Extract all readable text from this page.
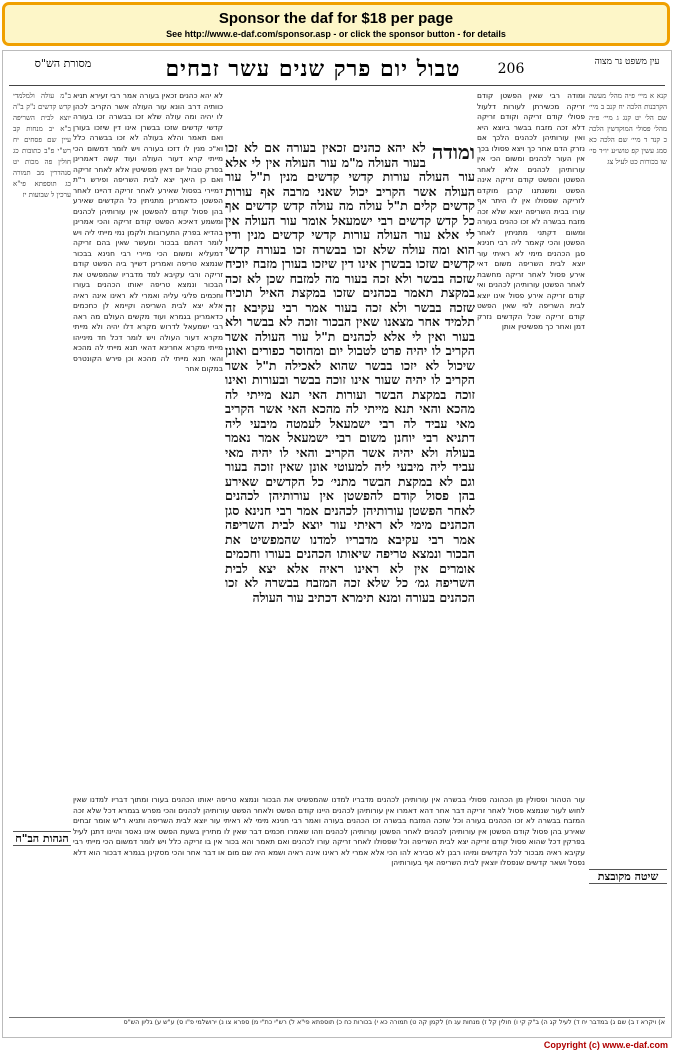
Sponsor the daf for $18 per page
See http://www.e-daf.com/sponsor.asp - or click the sponsor button - for details
מסורת הש"ס	טבול יום פרק שנים עשר זבחים	206	עין משפט נר מצוה

ב"מ עולה ולמלמדי קדש קדשים נ"ק ב"ה יוצא לבית השריפה ב"א יב מנחות קב עיין שם פסחים יח רש"י פ"ב כתובות כג חולין פה מכות יט סנהדרין מב תמורה כג תוספתא פי"א ערכין ל שבועות יז

לא יהא כהנים זכאין בעורה אמר רבי זעירא תניא כוותיה דרב הונא עור העולה אשר הקריב לכהן לו יהיה ומה עולה שלא זכו בבשרה זכו בעורה קדשי קדשים שזכו בבשרן אינו דין שיזכו בעורן ואם תאמר והלא בעולה לא זכו בבשרה כלל וא"כ מנין לו דזכו בעורה ויש לומר דמשום הכי מייתי קרא דעור העולה ועוד קשה דאמרינן בפרק טבול יום דאין מפשיטין אלא לאחר זריקה ואם כן היאך יצא לבית השריפה ופירש ר"ת דמיירי בפסול שאירע לאחר זריקה דהיינו לאחר הפשטן כדאמרינן מתניתין כל הקדשים שאירע בהן פסול קודם להפשטן אין עורותיהן לכהנים ומשמע דאיכא הפשט קודם זריקה והכי אמרינן בהדיא בפרק התערובות ולקמן נמי מייתי ליה ויש לומר דהתם בבכור ומעשר שאין בהם זריקה דמעליא ומשום הכי מיירי רבי חנינא בבכור שנמצא טריפה ואמרינן דשייך ביה הפשט קודם זריקה ורבי עקיבא למד מדבריו שהמפשיט את הבכור ונמצא טריפה יאותו הכהנים בעורו וחכמים פליגי עליה ואמרי לא ראינו אינה ראיה אלא יצא לבית השריפה וקיימא לן כחכמים כדאמרינן בגמרא ועוד מקשים העולם מה ראה רבי ישמעאל לדרוש מקרא דלו יהיה ולא מייתי מקרא דעור העולה ויש לומר דכל חד מינייהו מייתי מקרא אחרינא דהאי תנא מייתי לה מהכא והאי תנא מייתי לה מהכא וכן פירש הקונטרס במקום אחר

ומודה

לא יהא כהנים זכאין בעורה אם לא זכו בעור העולה מ"מ עור העולה אין לי אלא עור העולה עורות קדשי קדשים מנין ת"ל עור העולה אשר הקריב יכול שאני מרבה אף עורות קדשים קלים ת"ל עולה מה עולה קדש קדשים אף כל קדש קדשים רבי ישמעאל אומר עור העולה אין לי אלא עור העולה עורות קדשי קדשים מנין ודין הוא ומה עולה שלא זכו בבשרה זכו בעורה קדשי קדשים שזכו בבשרן אינו דין שיזכו בעורן מזבח יוכיח שזכה בבשר ולא זכה בעור מה למזבח שכן לא זכה במקצת תאמר בכהנים שזכו במקצת האיל תוכיח שזכה בבשר ולא זכה בעור אמר רבי עקיבא זה תלמיד אחר מצאנו שאין הבכור זוכה לא בבשר ולא בעור ואין לי אלא לכהנים ת"ל עור העולה אשר הקריב לו יהיה פרט לטבול יום ומחוסר כפורים ואונן שיכול לא יזכו בבשר שהוא לאכילה ת"ל אשר הקריב לו יהיה שעור אינו זוכה בבשר ובעורות ואינו זוכה במקצת הבשר ועורות האי תנא מייתי לה מהכא והאי תנא מייתי לה מהכא האי אשר הקריב מאי עביד לה רבי ישמעאל לעמטה מיבעי ליה דתניא רבי יוחנן משום רבי ישמעאל אמר נאמר בעולה ולא יהיה אשר הקריב והאי לו יהיה מאי עביד ליה מיבעי ליה למעוטי אונן שאין זוכה בעור וגם לא במקצת הבשר מתני׳ כל הקדשים שאירע בהן פסול קודם להפשטן אין עורותיהן לכהנים לאחר הפשטן עורותיהן לכהנים אמר רבי חנינא סגן הכהנים מימי לא ראיתי עור יוצא לבית השריפה אמר רבי עקיבא מדבריו למדנו שהמפשיט את הבכור ונמצא טריפה שיאותו הכהנים בעורו וחכמים אומרים אין לא ראינו ראיה אלא יצא לבית השריפה גמ׳ כל שלא זכה המזבח בבשרה לא זכו הכהנים בעורה ומנא תימרא דכתיב עור העולה

ומודה רבי שאין הפשטן קודם זריקה מכשירתן לעורות דלעול פסולי קודם זריקה וקודם זריקה דלא זכה מזבח בבשר ביוצא היא ואין עורותיהן לכהנים הלכך אם נזרק הדם אחר כך ויצא פסולו בכך אין העור לכהנים ומשום הכי אין עורותיהן לכהנים אלא לאחר הפשטן והפשט קודם זריקה אינה הפשט ומשנתנו קרבן מוקדם לזריקה שפסולו אין לו היתר אף עורו בבית השריפה יוצא שלא זכה מזבח בבשרה לא זכו כהנים בעורה ומשום דקתני מתניתין לאחר הפשטן והכי קאמר ליה רבי חנינא סגן הכהנים מימי לא ראיתי עור יוצא לבית השריפה משום דאי אירע פסול לאחר זריקה מחשבת לאחר הפשטן עורותיהן לכהנים ואי קודם זריקה אירע פסול אינו יוצא לבית השריפה לפי שאין הפשט קודם זריקה שכל הקדשים נזרק דמן ואחר כך מפשיטין אותן

קנא א מיי׳ פ״ה מהל׳ מעשה הקרבנות הלכה יח קנב ב מיי׳ שם הל׳ יט קנג ג מיי׳ פ״ה מהל׳ פסולי המוקדשין הלכה כ קנד ד מיי׳ שם הלכה כא סמג עשין קפ טוש״ע יו״ד סי׳ שו בכורות כט לעיל צג

עור הטהור ופסולין מן הכהונה פסולי בבשרה אין עורותיהן לכהנים מדבריו למדנו שהמפשיט את הבכור ונמצא טריפה יאותו הכהנים בעורו ומתוך דבריו למדנו שאין לחוש לעור שנמצא פסול לאחר זריקה דבר אחר דהא דאמרו אין עורותיהן לכהנים היינו קודם הפשט ולאחר הפשט עורותיהן לכהנים והכי מפרש בגמרא דכל שלא זכה המזבח בבשרה לא זכו הכהנים בעורה וכל שזכה המזבח בבשרה זכו הכהנים בעורה ואמר רבי חנינא מימי לא ראיתי עור יוצא לבית השריפה ותניא ר"ש אומר זבחים שאירע בהן פסול קודם הפשטן אין עורותיהן לכהנים לאחר הפשטן עורותיהן לכהנים וזהו שאמרו חכמים דבר שאין לו מתירין בשעת הפשט אינו נאסר והיינו דתנן לעיל בפרקין דכל שהוא פסול קודם זריקה יצא לבית השריפה וכל שפסולו לאחר זריקה עורו לכהנים ואם תאמר והא בכור אין בו זריקה כלל ויש לומר דמשום הכי מייתי רבי עקיבא ראיה מבכור לכל הקדשים ומיהו רבנן לא סבירא להו הכי אלא אמרי לא ראינו אינה ראיה ושמא היה שם מום או דבר אחר והכי מסקינן בגמרא דבכור הוא דלא נפסל ושאר קדשים שנפסלו יוצאין לבית השריפה אף בעורותיהן

הגהות הב"ח
שיטה מקובצת
א) ויקרא ז ב) שם ג) במדבר יח ד) לעיל קג ה) ב"ק קי ו) חולין קל ז) מנחות עג ח) לקמן קה ט) תמורה כא י) בכורות כח כ) תוספתא פי"א ל) רש"י כת"י מ) ספרא צו נ) ירושלמי פ"ו ס) ע"ש ע) גליון הש"ס
Copyright (c) www.e-daf.com
